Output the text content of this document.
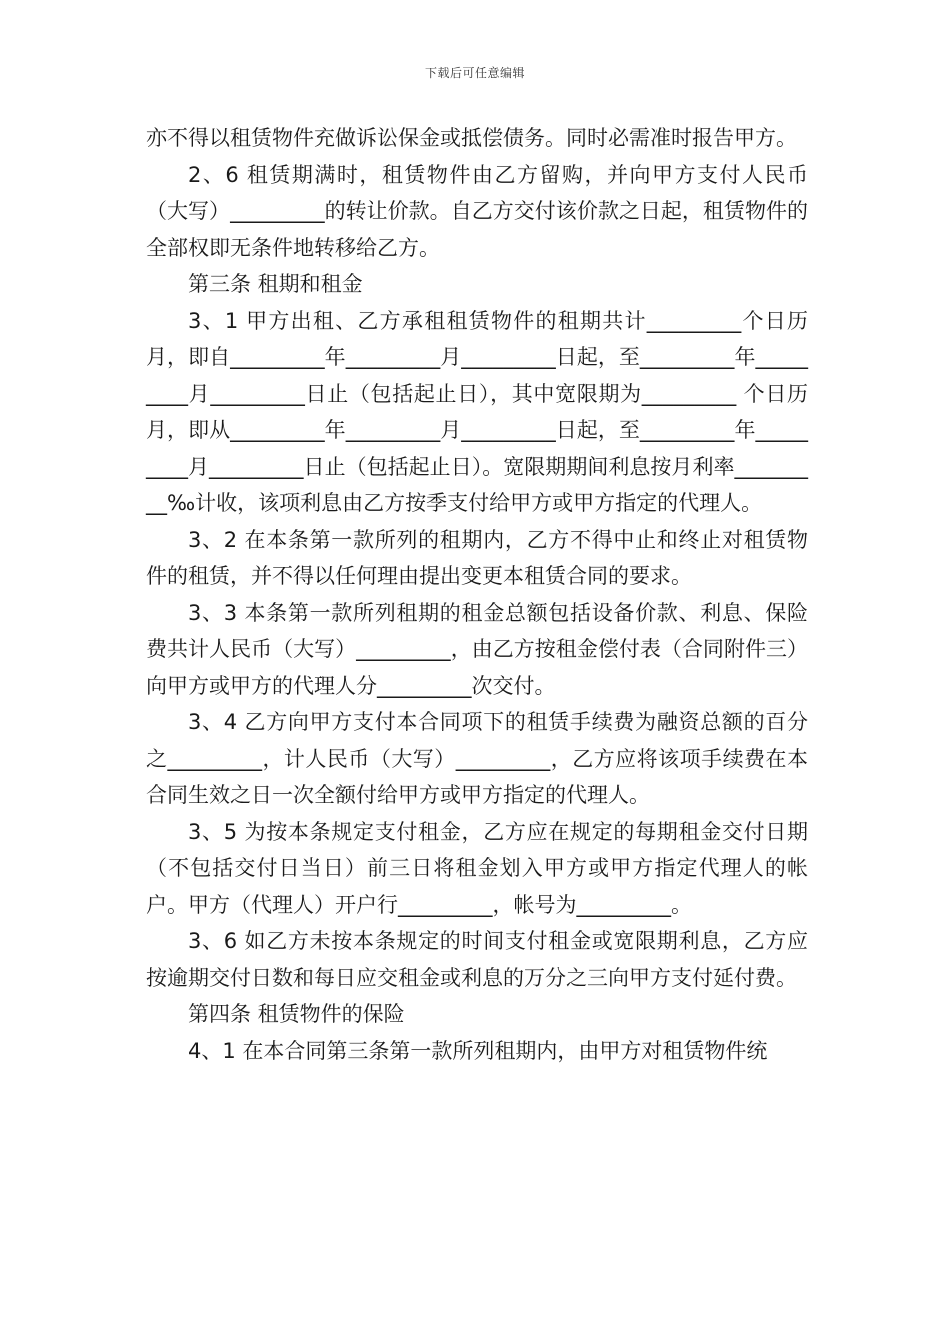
下载后可任意编辑

亦不得以租赁物件充做诉讼保金或抵偿债务。同时必需准时报告甲方。

2、6 租赁期满时，租赁物件由乙方留购，并向甲方支付人民币（大写）_________的转让价款。自乙方交付该价款之日起，租赁物件的全部权即无条件地转移给乙方。

第三条 租期和租金

3、1 甲方出租、乙方承租租赁物件的租期共计_________个日历月，即自_________年_________月_________日起，至_________年_________月_________日止（包括起止日），其中宽限期为_________ 个日历月，即从_________年_________月_________日起，至_________年_________月_________日止（包括起止日）。宽限期期间利息按月利率_________‰计收，该项利息由乙方按季支付给甲方或甲方指定的代理人。

3、2 在本条第一款所列的租期内，乙方不得中止和终止对租赁物件的租赁，并不得以任何理由提出变更本租赁合同的要求。

3、3 本条第一款所列租期的租金总额包括设备价款、利息、保险费共计人民币（大写）_________，由乙方按租金偿付表（合同附件三）向甲方或甲方的代理人分_________次交付。

3、4 乙方向甲方支付本合同项下的租赁手续费为融资总额的百分之_________，计人民币（大写）_________，乙方应将该项手续费在本合同生效之日一次全额付给甲方或甲方指定的代理人。

3、5 为按本条规定支付租金，乙方应在规定的每期租金交付日期（不包括交付日当日）前三日将租金划入甲方或甲方指定代理人的帐户。甲方（代理人）开户行_________，帐号为_________。

3、6 如乙方未按本条规定的时间支付租金或宽限期利息，乙方应按逾期交付日数和每日应交租金或利息的万分之三向甲方支付延付费。

第四条 租赁物件的保险

4、1 在本合同第三条第一款所列租期内，由甲方对租赁物件统
